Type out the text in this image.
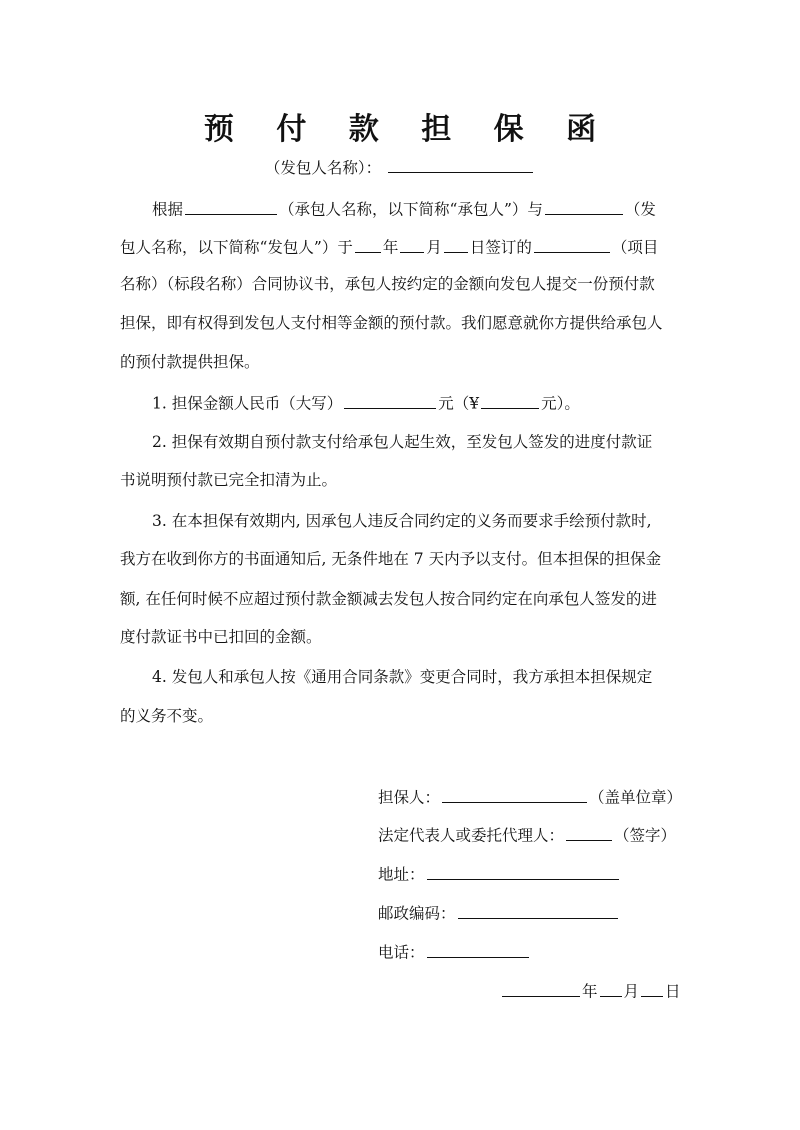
预 付 款 担 保 函
（发包人名称）：
根据	（承包人名称，以下简称“承包人”）与	（发
包人名称，以下简称“发包人”）于 年 月 日签订的	（项目
名称）（标段名称）合同协议书，承包人按约定的金额向发包人提交一份预付款
担保，即有权得到发包人支付相等金额的预付款。我们愿意就你方提供给承包人
的预付款提供担保。
1. 担保金额人民币（大写）	元（¥	元）。
2. 担保有效期自预付款支付给承包人起生效，至发包人签发的进度付款证
书说明预付款已完全扣清为止。
3. 在本担保有效期内, 因承包人违反合同约定的义务而要求手绘预付款时,
我方在收到你方的书面通知后, 无条件地在 7 天内予以支付。但本担保的担保金
额, 在任何时候不应超过预付款金额减去发包人按合同约定在向承包人签发的进
度付款证书中已扣回的金额。
4. 发包人和承包人按《通用合同条款》变更合同时，我方承担本担保规定
的义务不变。
担保人：	（盖单位章）
法定代表人或委托代理人：	（签字）
地址：
邮政编码：
电话：
年 月 日
